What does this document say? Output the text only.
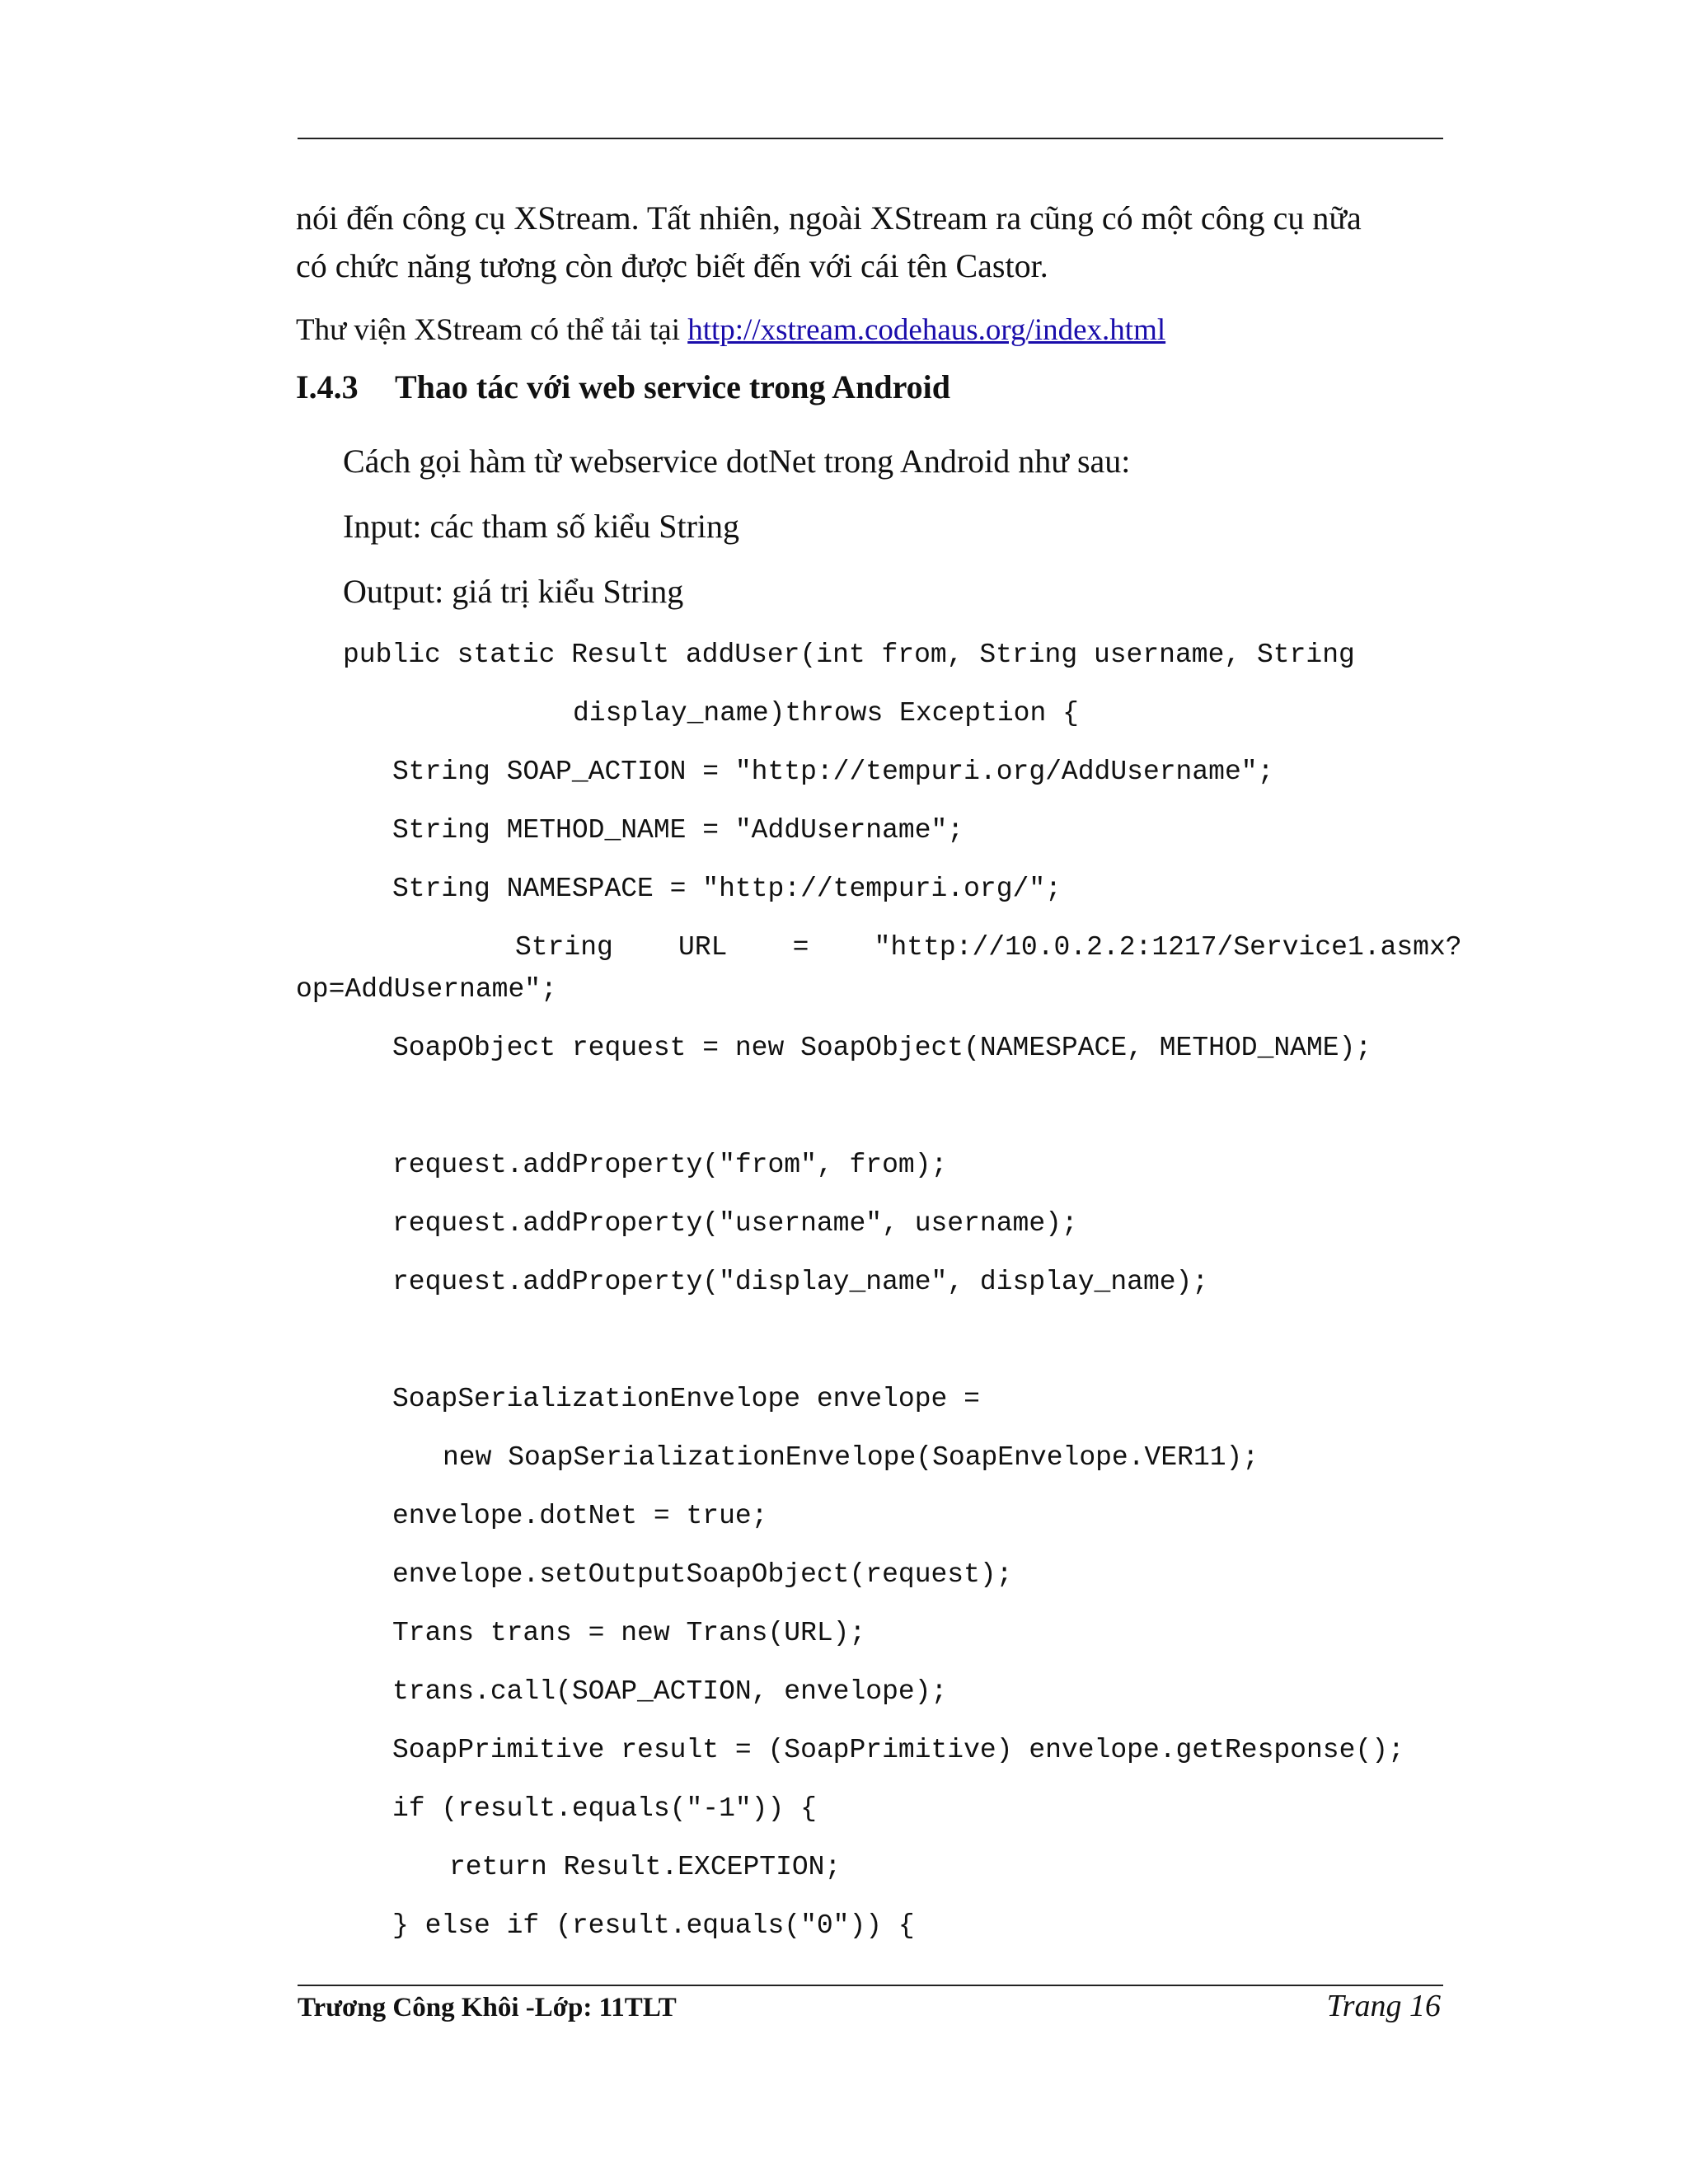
nói đến công cụ XStream. Tất nhiên, ngoài XStream ra cũng có một công cụ nữa
có chức năng tương còn được biết đến với cái tên Castor.
Thư viện XStream có thể tải tại http://xstream.codehaus.org/index.html
I.4.3 Thao tác với web service trong Android
Cách gọi hàm từ webservice dotNet trong Android như sau:
Input: các tham số kiểu String
Output: giá trị kiểu String
public static Result addUser(int from, String username, String
display_name)throws Exception {
String SOAP_ACTION = "http://tempuri.org/AddUsername";
String METHOD_NAME = "AddUsername";
String NAMESPACE = "http://tempuri.org/";
String    URL    =    "http://10.0.2.2:1217/Service1.asmx?
op=AddUsername";
SoapObject request = new SoapObject(NAMESPACE, METHOD_NAME);
request.addProperty("from", from);
request.addProperty("username", username);
request.addProperty("display_name", display_name);
SoapSerializationEnvelope envelope =
new SoapSerializationEnvelope(SoapEnvelope.VER11);
envelope.dotNet = true;
envelope.setOutputSoapObject(request);
Trans trans = new Trans(URL);
trans.call(SOAP_ACTION, envelope);
SoapPrimitive result = (SoapPrimitive) envelope.getResponse();
if (result.equals("-1")) {
return Result.EXCEPTION;
} else if (result.equals("0")) {
Trương Công Khôi -Lớp: 11TLT	Trang 16
